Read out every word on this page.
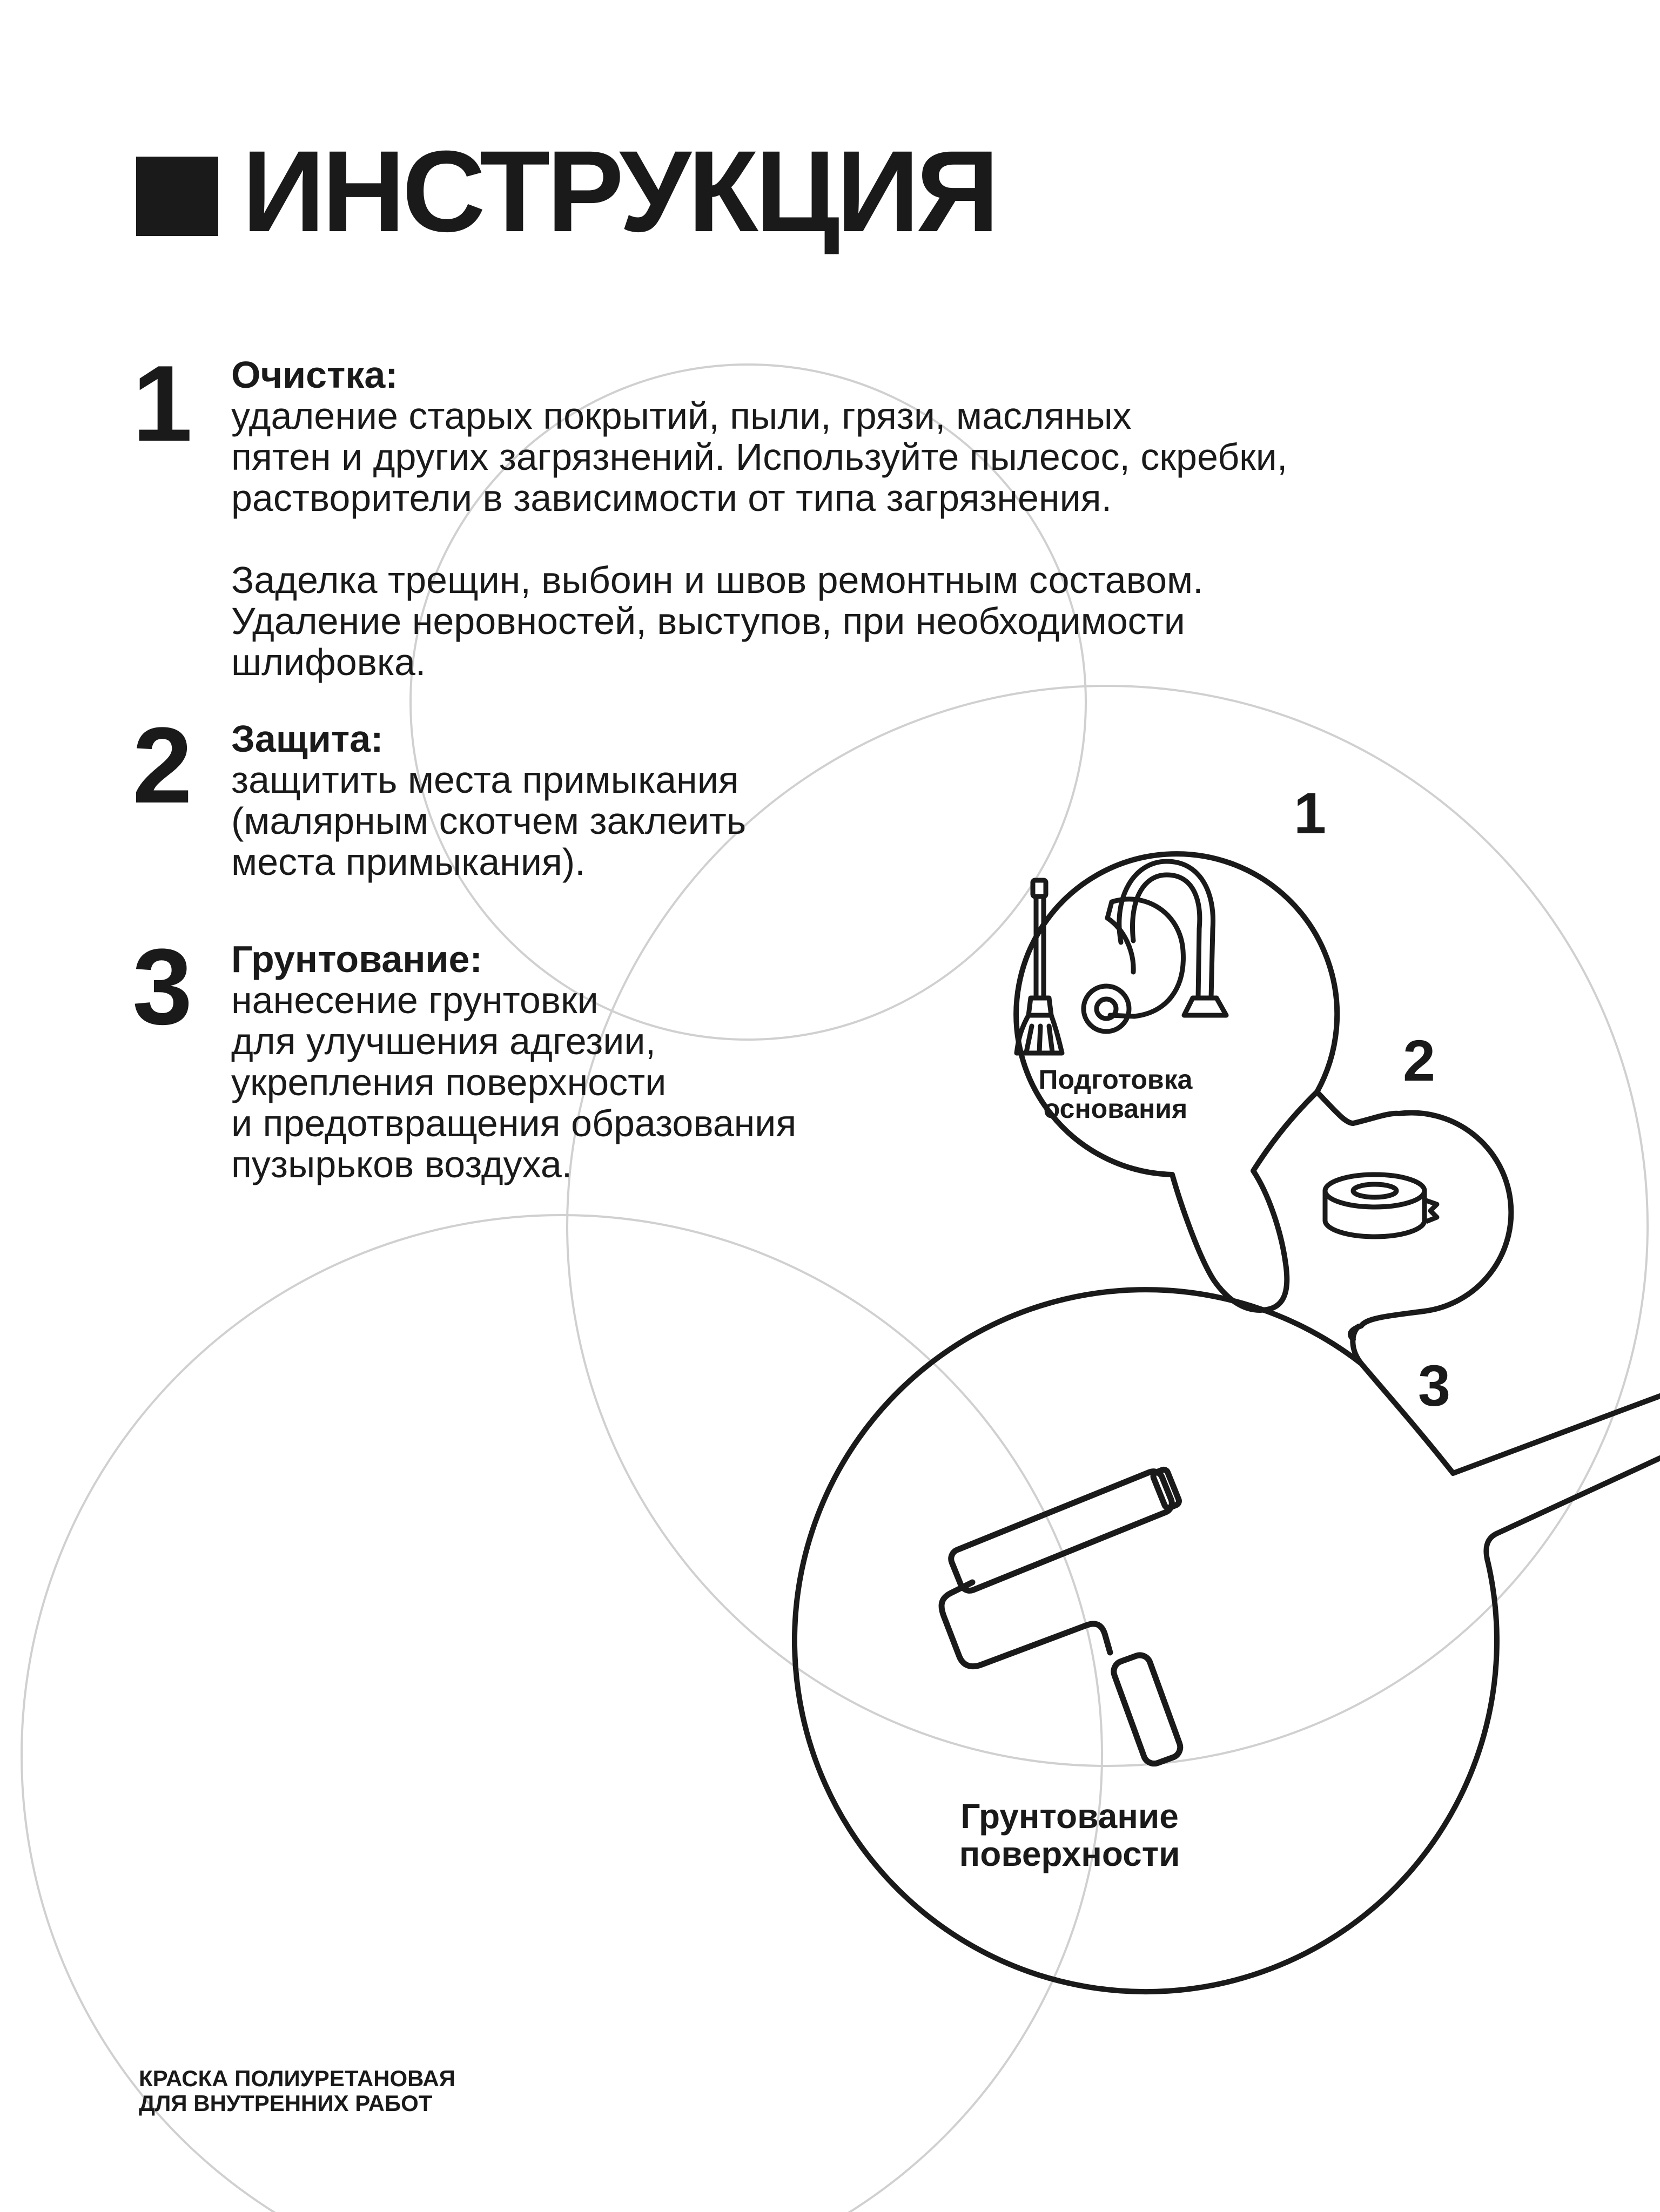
ИНСТРУКЦИЯ
1 Очистка:
удаление старых покрытий, пыли, грязи, масляных
пятен и других загрязнений. Используйте пылесос, скребки,
растворители в зависимости от типа загрязнения.
Заделка трещин, выбоин и швов ремонтным составом.
Удаление неровностей, выступов, при необходимости
шлифовка.
2 Защита:
защитить места примыкания
(малярным скотчем заклеить
места примыкания).
3 Грунтование:
нанесение грунтовки
для улучшения адгезии,
укрепления поверхности
и предотвращения образования
пузырьков воздуха.
1
2
3
Подготовка
основания
Грунтование
поверхности
КРАСКА ПОЛИУРЕТАНОВАЯ
ДЛЯ ВНУТРЕННИХ РАБОТ
